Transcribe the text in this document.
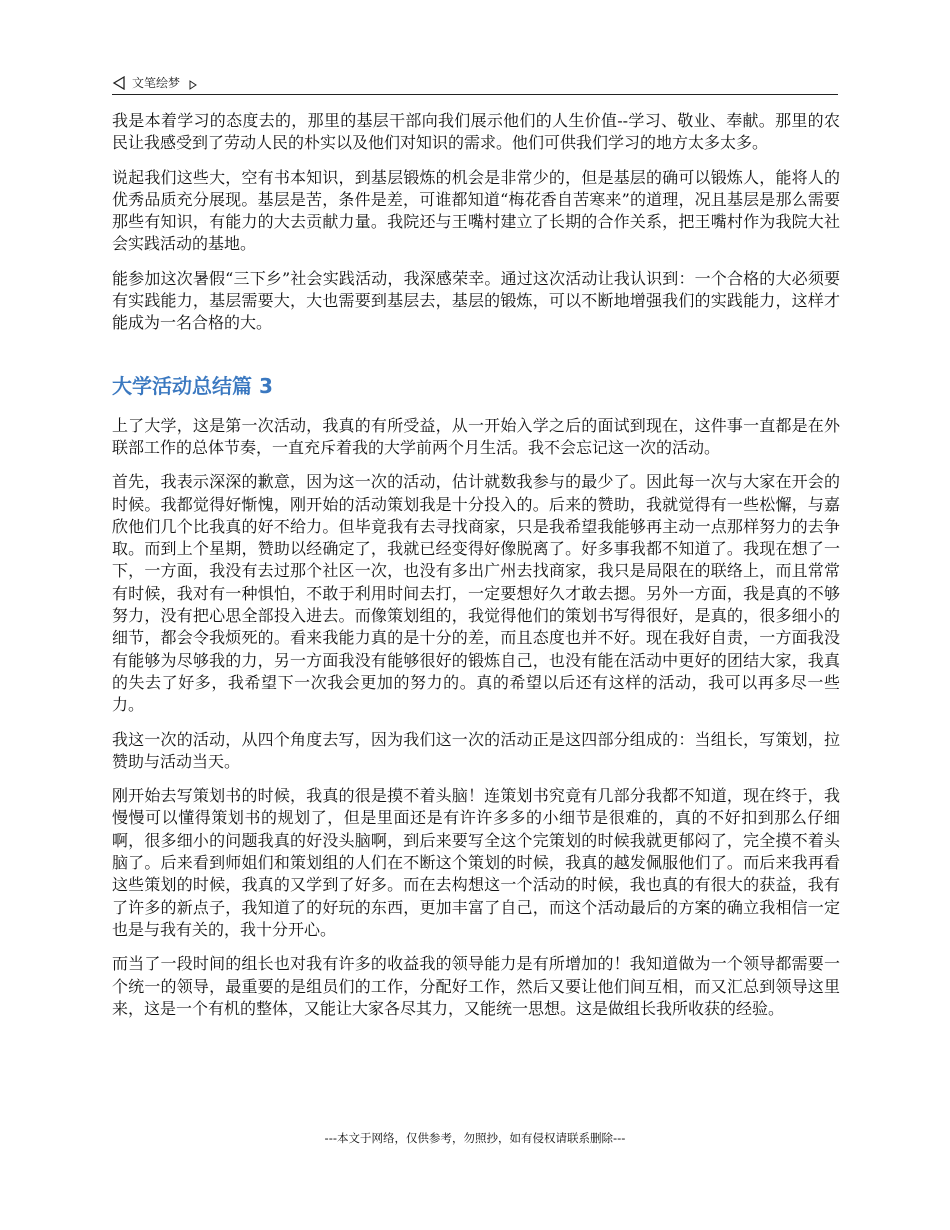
文笔绘梦

我是本着学习的态度去的，那里的基层干部向我们展示他们的人生价值--学习、敬业、奉献。那里的农民让我感受到了劳动人民的朴实以及他们对知识的需求。他们可供我们学习的地方太多太多。

说起我们这些大，空有书本知识，到基层锻炼的机会是非常少的，但是基层的确可以锻炼人，能将人的优秀品质充分展现。基层是苦，条件是差，可谁都知道“梅花香自苦寒来”的道理，况且基层是那么需要那些有知识，有能力的大去贡献力量。我院还与王嘴村建立了长期的合作关系，把王嘴村作为我院大社会实践活动的基地。

能参加这次暑假“三下乡”社会实践活动，我深感荣幸。通过这次活动让我认识到：一个合格的大必须要有实践能力，基层需要大，大也需要到基层去，基层的锻炼，可以不断地增强我们的实践能力，这样才能成为一名合格的大。

大学活动总结篇 3

上了大学，这是第一次活动，我真的有所受益，从一开始入学之后的面试到现在，这件事一直都是在外联部工作的总体节奏，一直充斥着我的大学前两个月生活。我不会忘记这一次的活动。

首先，我表示深深的歉意，因为这一次的活动，估计就数我参与的最少了。因此每一次与大家在开会的时候。我都觉得好惭愧，刚开始的活动策划我是十分投入的。后来的赞助，我就觉得有一些松懈，与嘉欣他们几个比我真的好不给力。但毕竟我有去寻找商家，只是我希望我能够再主动一点那样努力的去争取。而到上个星期，赞助以经确定了，我就已经变得好像脱离了。好多事我都不知道了。我现在想了一下，一方面，我没有去过那个社区一次，也没有多出广州去找商家，我只是局限在的联络上，而且常常有时候，我对有一种惧怕，不敢于利用时间去打，一定要想好久才敢去摁。另外一方面，我是真的不够努力，没有把心思全部投入进去。而像策划组的，我觉得他们的策划书写得很好，是真的，很多细小的细节，都会令我烦死的。看来我能力真的是十分的差，而且态度也并不好。现在我好自责，一方面我没有能够为尽够我的力，另一方面我没有能够很好的锻炼自己，也没有能在活动中更好的团结大家，我真的失去了好多，我希望下一次我会更加的努力的。真的希望以后还有这样的活动，我可以再多尽一些力。

我这一次的活动，从四个角度去写，因为我们这一次的活动正是这四部分组成的：当组长，写策划，拉赞助与活动当天。

刚开始去写策划书的时候，我真的很是摸不着头脑！连策划书究竟有几部分我都不知道，现在终于，我慢慢可以懂得策划书的规划了，但是里面还是有许许多多的小细节是很难的，真的不好扣到那么仔细啊，很多细小的问题我真的好没头脑啊，到后来要写全这个完策划的时候我就更郁闷了，完全摸不着头脑了。后来看到师姐们和策划组的人们在不断这个策划的时候，我真的越发佩服他们了。而后来我再看这些策划的时候，我真的又学到了好多。而在去构想这一个活动的时候，我也真的有很大的获益，我有了许多的新点子，我知道了的好玩的东西，更加丰富了自己，而这个活动最后的方案的确立我相信一定也是与我有关的，我十分开心。

而当了一段时间的组长也对我有许多的收益我的领导能力是有所增加的！我知道做为一个领导都需要一个统一的领导，最重要的是组员们的工作，分配好工作，然后又要让他们间互相，而又汇总到领导这里来，这是一个有机的整体，又能让大家各尽其力，又能统一思想。这是做组长我所收获的经验。

---本文于网络，仅供参考，勿照抄，如有侵权请联系删除---
